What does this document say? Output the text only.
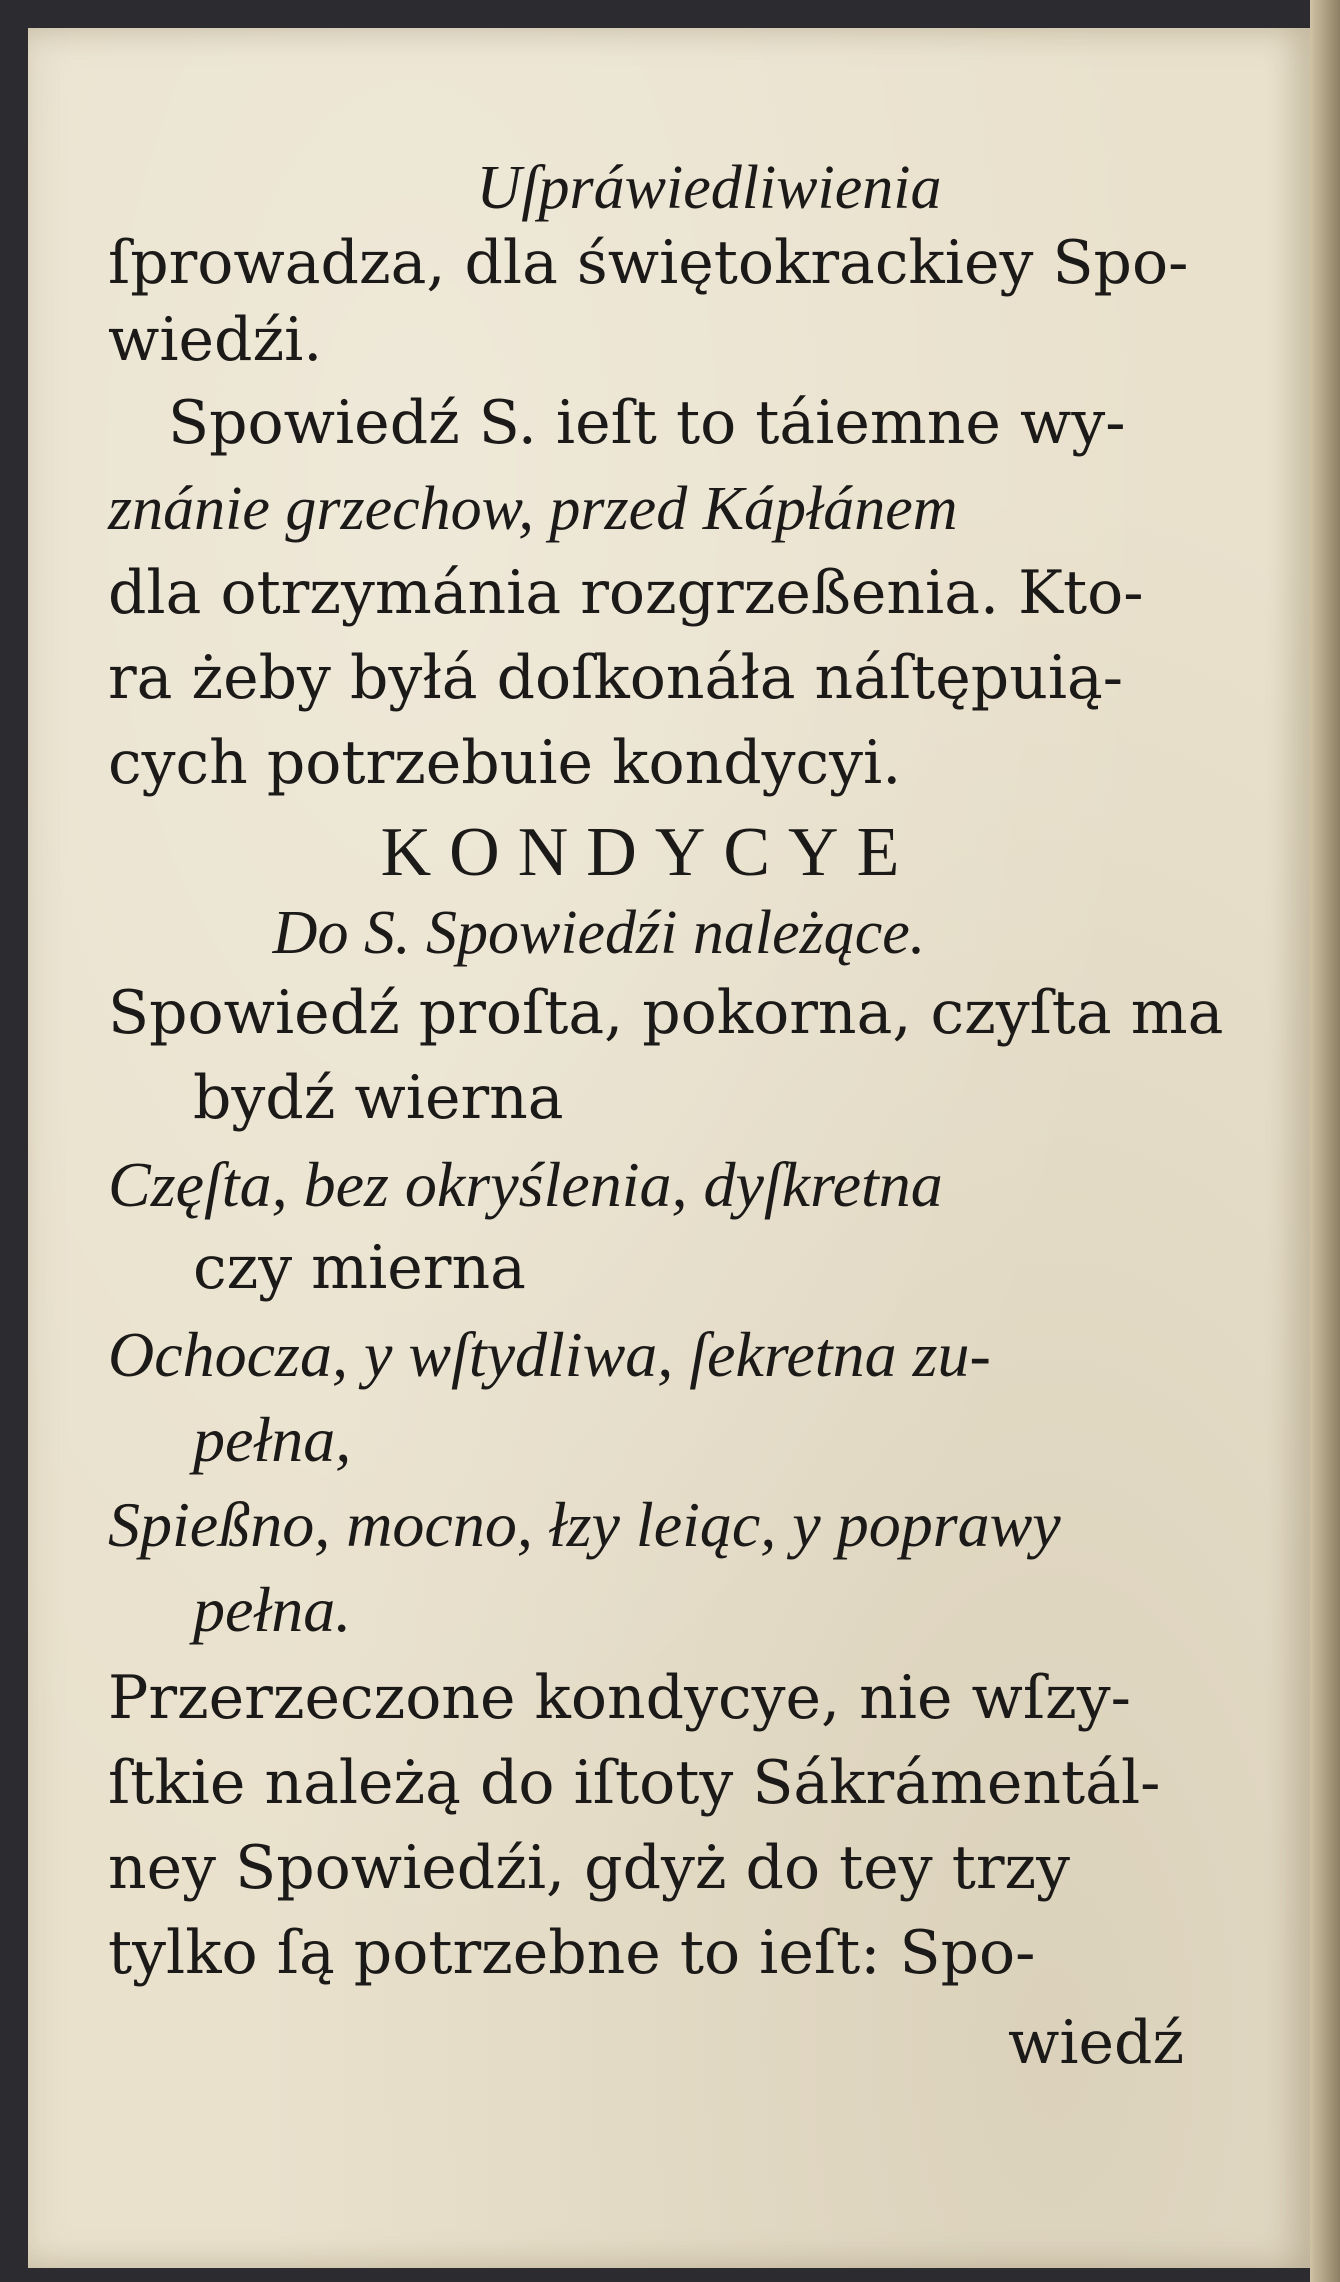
Uſpráwiedliwienia
ſprowadza, dla świętokrackiey Spo-
wiedźi.
Spowiedź S. ieſt to táiemne wy-
znánie grzechow, przed Kápłánem
dla otrzymánia rozgrzeßenia. Kto-
ra żeby byłá doſkonáła náſtępuią-
cych potrzebuie kondycyi.
KONDYCYE
Do S. Spowiedźi należące.
Spowiedź proſta, pokorna, czyſta ma
bydź wierna
Częſta, bez okryślenia, dyſkretna
czy mierna
Ochocza, y wſtydliwa, ſekretna zu-
pełna,
Spießno, mocno, łzy leiąc, y poprawy
pełna.
Przerzeczone kondycye, nie wſzy-
ſtkie należą do iſtoty Sákrámentál-
ney Spowiedźi, gdyż do tey trzy
tylko ſą potrzebne to ieſt: Spo-
wiedź
